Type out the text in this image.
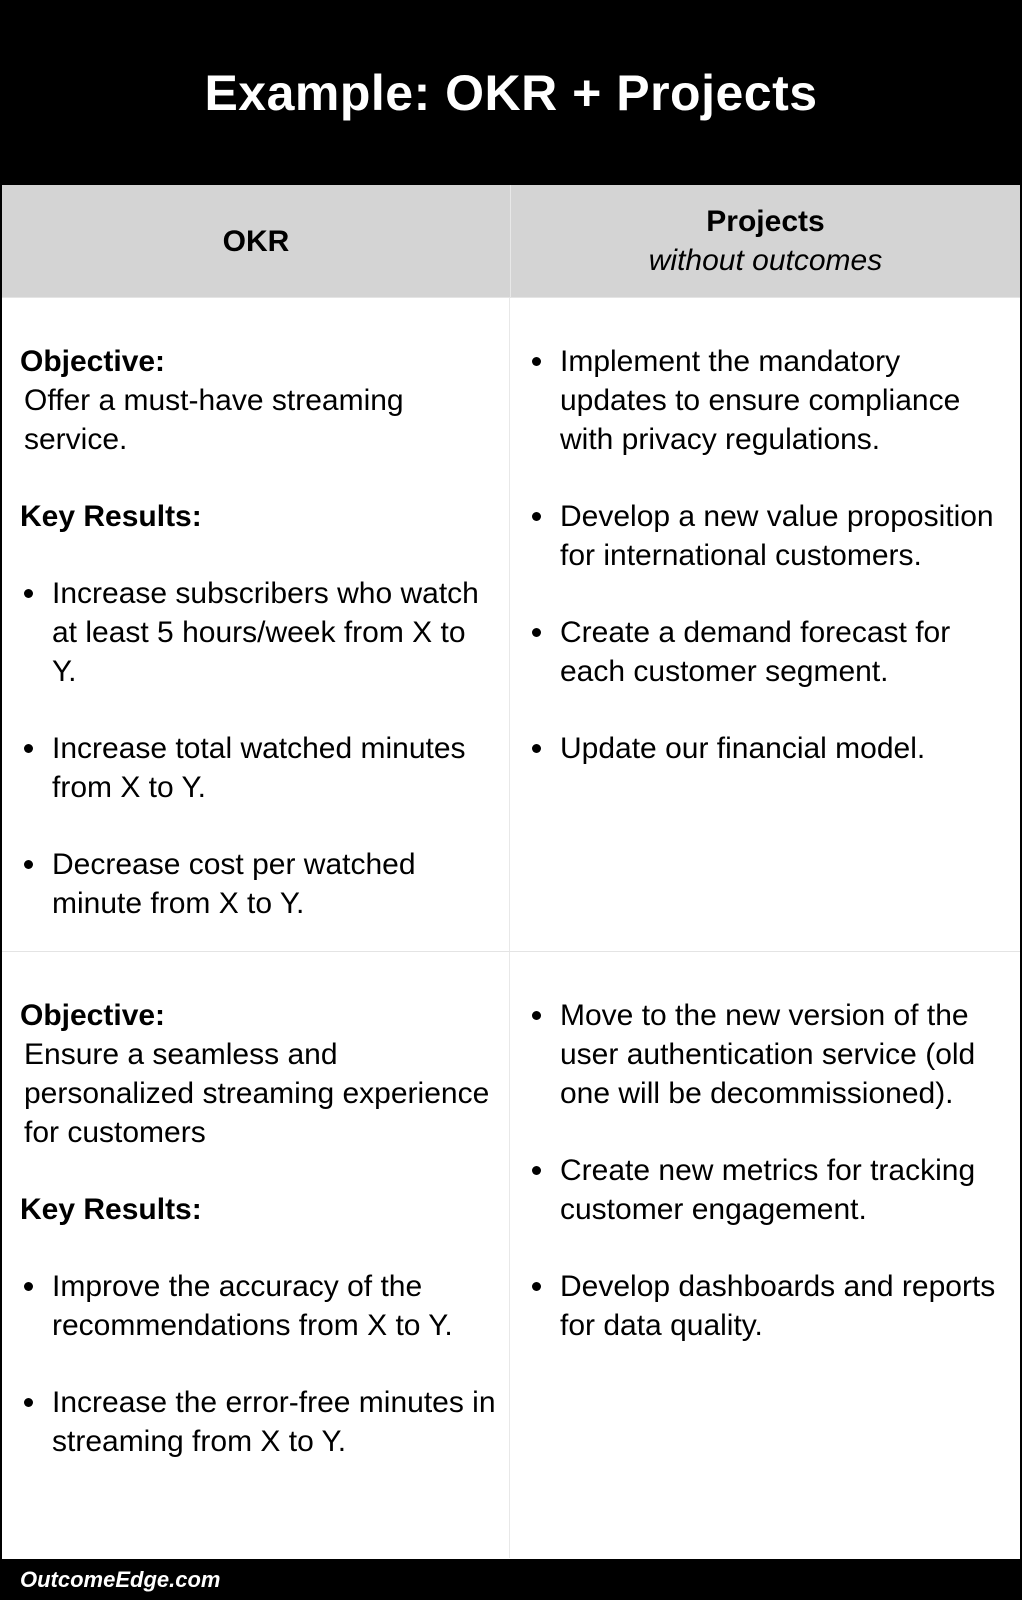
Example: OKR + Projects
OKR
Projects
without outcomes
Objective:
Offer a must-have streaming service.
Key Results:
Increase subscribers who watch at least 5 hours/week from X to Y.
Increase total watched minutes from X to Y.
Decrease cost per watched minute from X to Y.
Implement the mandatory updates to ensure compliance with privacy regulations.
Develop a new value proposition for international customers.
Create a demand forecast for each customer segment.
Update our financial model.
Objective:
Ensure a seamless and personalized streaming experience for customers
Key Results:
Improve the accuracy of the recommendations from X to Y.
Increase the error-free minutes in streaming from X to Y.
Move to the new version of the user authentication service (old one will be decommissioned).
Create new metrics for tracking customer engagement.
Develop dashboards and reports for data quality.
OutcomeEdge.com
